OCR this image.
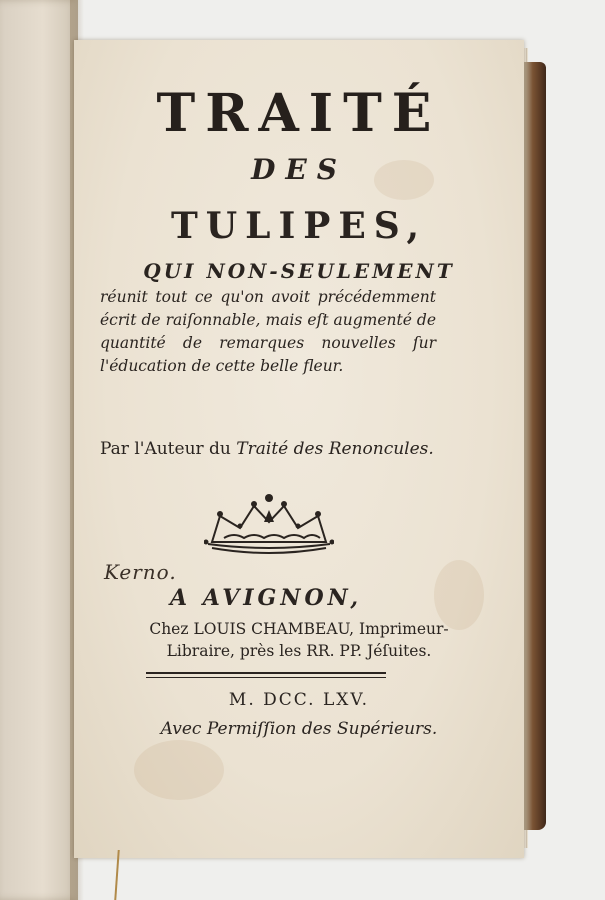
TRAITÉ
DES
TULIPES,
QUI NON-SEULEMENT
réunit tout ce qu'on avoit précédemment écrit de raiſonnable, mais eſt augmenté de quantité de remarques nouvelles ſur l'éducation de cette belle fleur.
Par l'Auteur du Traité des Renoncules.
Kerno.
A AVIGNON,
Chez LOUIS CHAMBEAU, Imprimeur-
Libraire, près les RR. PP. Jéſuites.
M. DCC. LXV.
Avec Permiſſion des Supérieurs.
